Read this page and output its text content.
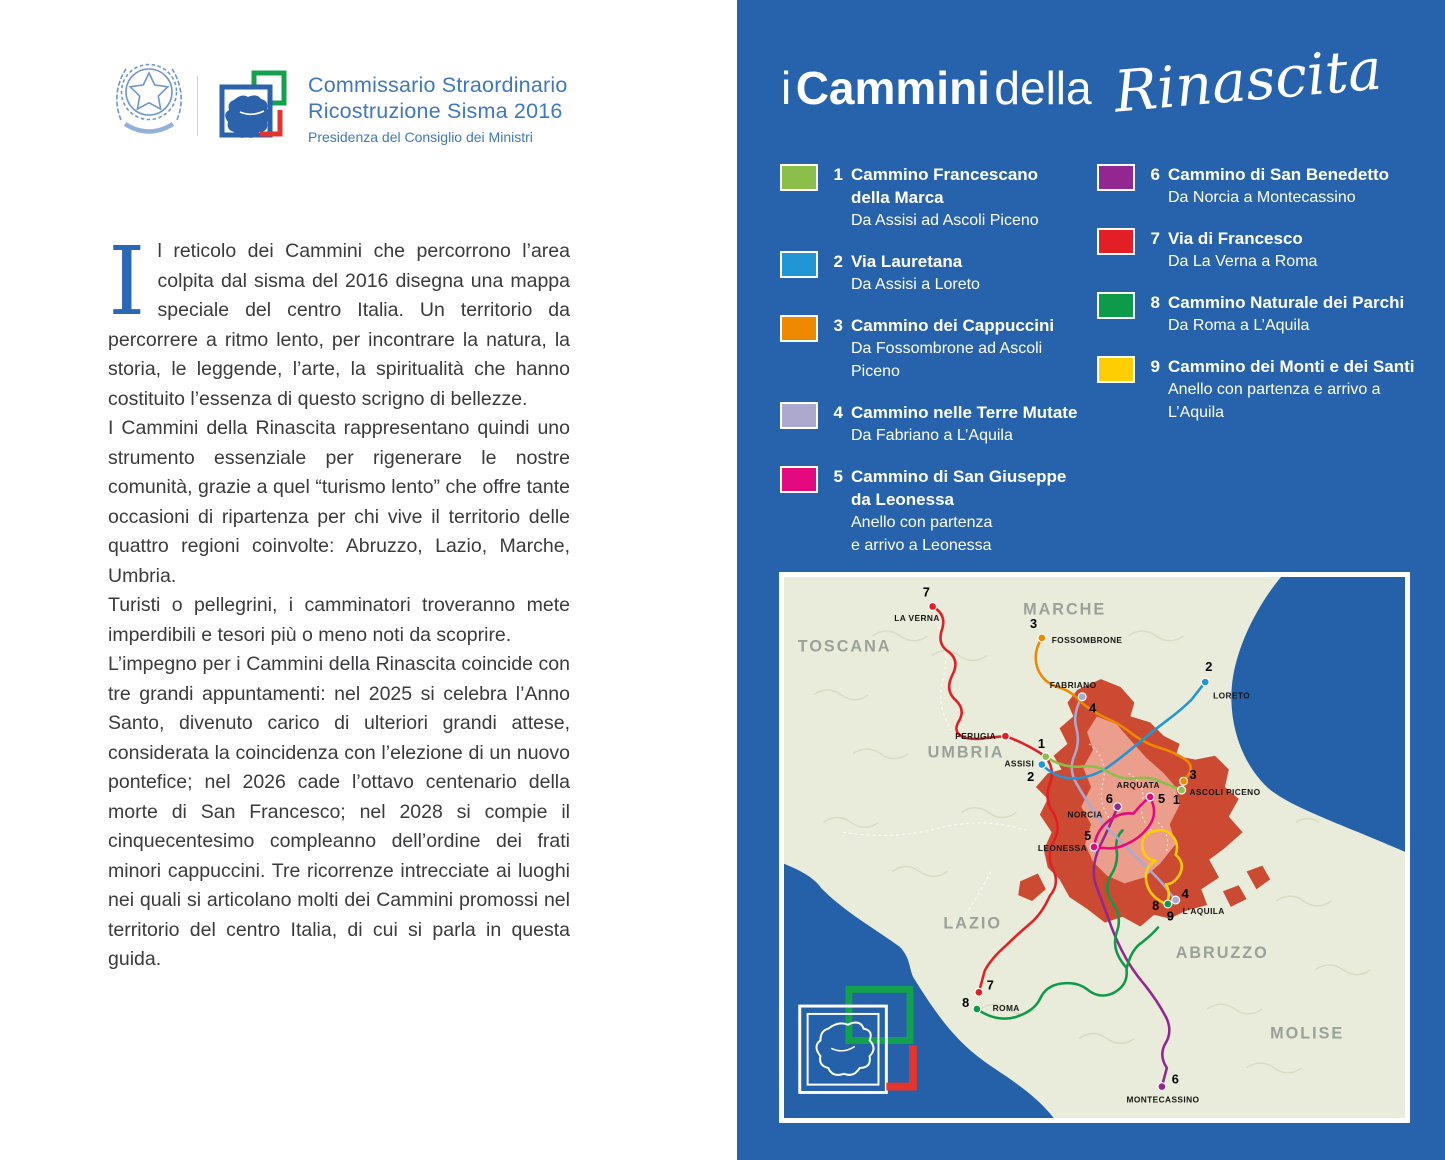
Commissario Straordinario
Ricostruzione Sisma 2016
Presidenza del Consiglio dei Ministri

Il reticolo dei Cammini che percorrono l’area colpita dal sisma del 2016 disegna una mappa speciale del centro Italia. Un territorio da percorrere a ritmo lento, per incontrare la natura, la storia, le leggende, l’arte, la spiritualità che hanno costituito l’essenza di questo scrigno di bellezze.

I Cammini della Rinascita rappresentano quindi uno strumento essenziale per rigenerare le nostre comunità, grazie a quel “turismo lento” che offre tante occasioni di ripartenza per chi vive il territorio delle quattro regioni coinvolte: Abruzzo, Lazio, Marche, Umbria.

Turisti o pellegrini, i camminatori troveranno mete imperdibili e tesori più o meno noti da scoprire.

L’impegno per i Cammini della Rinascita coincide con tre grandi appuntamenti: nel 2025 si celebra l’Anno Santo, divenuto carico di ulteriori grandi attese, considerata la coincidenza con l’elezione di un nuovo pontefice; nel 2026 cade l’ottavo centenario della morte di San Francesco; nel 2028 si compie il cinquecentesimo compleanno dell’ordine dei frati minori cappuccini. Tre ricorrenze intrecciate ai luoghi nei quali si articolano molti dei Cammini promossi nel territorio del centro Italia, di cui si parla in questa guida.

i Cammini della Rinascita
1 Cammino Francescano
della Marca
Da Assisi ad Ascoli Piceno
2 Via Lauretana
Da Assisi a Loreto
3 Cammino dei Cappuccini
Da Fossombrone ad Ascoli Piceno
4 Cammino nelle Terre Mutate
Da Fabriano a L’Aquila
5 Cammino di San Giuseppe
da Leonessa
Anello con partenza
e arrivo a Leonessa
6 Cammino di San Benedetto
Da Norcia a Montecassino
7 Via di Francesco
Da La Verna a Roma
8 Cammino Naturale dei Parchi
Da Roma a L’Aquila
9 Cammino dei Monti e dei Santi
Anello con partenza e arrivo a L’Aquila
7
3
4
2
1
2
5
3
1
6
5
8
4
9
7
8
6
LA VERNA
FOSSOMBRONE
FABRIANO
LORETO
PERUGIA
ASSISI
ARQUATA
ASCOLI PICENO
NORCIA
LEONESSA
L’AQUILA
ROMA
MONTECASSINO
TOSCANA
MARCHE
UMBRIA
LAZIO
ABRUZZO
MOLISE
